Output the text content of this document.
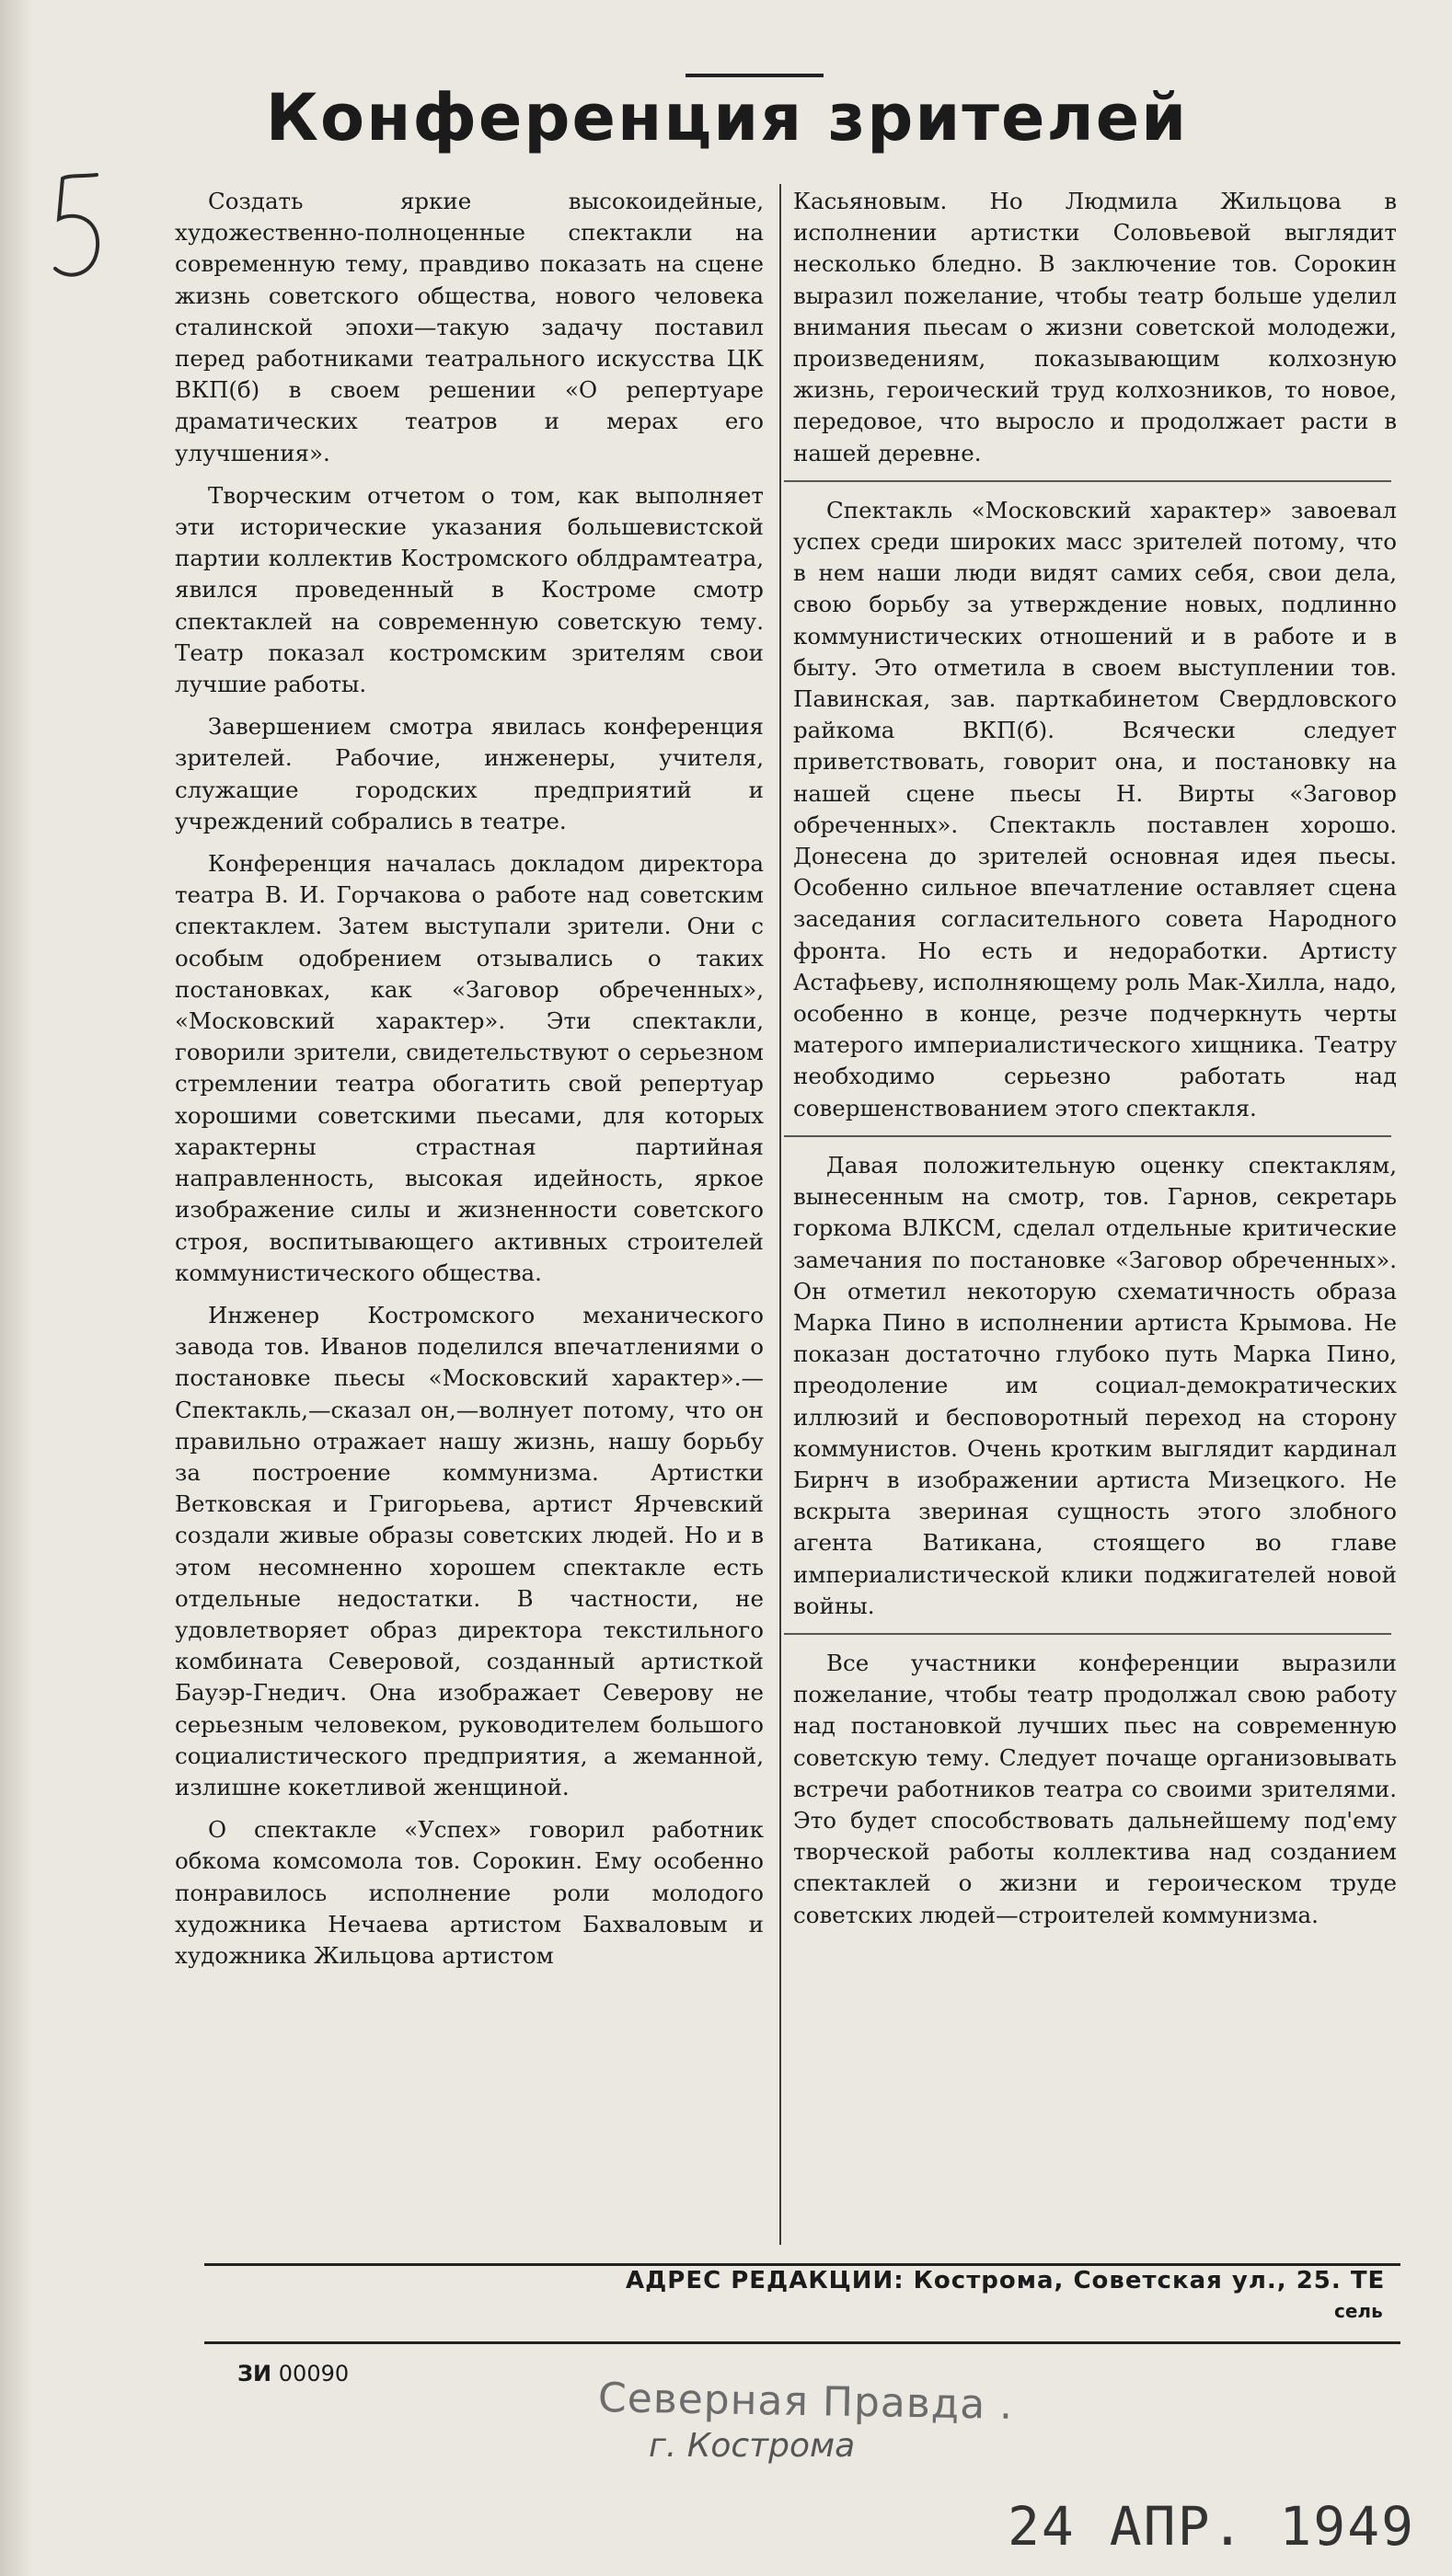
Конференция зрителей

Создать яркие высокоидейные, художественно-полноценные спектакли на современную тему, правдиво показать на сцене жизнь советского общества, нового человека сталинской эпохи—такую задачу поставил перед работниками театрального искусства ЦК ВКП(б) в своем решении «О репертуаре драматических театров и мерах его улучшения».

Творческим отчетом о том, как выполняет эти исторические указания большевистской партии коллектив Костромского облдрамтеатра, явился проведенный в Костроме смотр спектаклей на современную советскую тему. Театр показал костромским зрителям свои лучшие работы.

Завершением смотра явилась конференция зрителей. Рабочие, инженеры, учителя, служащие городских предприятий и учреждений собрались в театре.

Конференция началась докладом директора театра В. И. Горчакова о работе над советским спектаклем. Затем выступали зрители. Они с особым одобрением отзывались о таких постановках, как «Заговор обреченных», «Московский характер». Эти спектакли, говорили зрители, свидетельствуют о серьезном стремлении театра обогатить свой репертуар хорошими советскими пьесами, для которых характерны страстная партийная направленность, высокая идейность, яркое изображение силы и жизненности советского строя, воспитывающего активных строителей коммунистического общества.

Инженер Костромского механического завода тов. Иванов поделился впечатлениями о постановке пьесы «Московский характер».—Спектакль,—сказал он,—волнует потому, что он правильно отражает нашу жизнь, нашу борьбу за построение коммунизма. Артистки Ветковская и Григорьева, артист Ярчевский создали живые образы советских людей. Но и в этом несомненно хорошем спектакле есть отдельные недостатки. В частности, не удовлетворяет образ директора текстильного комбината Северовой, созданный артисткой Бауэр-Гнедич. Она изображает Северову не серьезным человеком, руководителем большого социалистического предприятия, а жеманной, излишне кокетливой женщиной.

О спектакле «Успех» говорил работник обкома комсомола тов. Сорокин. Ему особенно понравилось исполнение роли молодого художника Нечаева артистом Бахваловым и художника Жильцова артистом

Касьяновым. Но Людмила Жильцова в исполнении артистки Соловьевой выглядит несколько бледно. В заключение тов. Сорокин выразил пожелание, чтобы театр больше уделил внимания пьесам о жизни советской молодежи, произведениям, показывающим колхозную жизнь, героический труд колхозников, то новое, передовое, что выросло и продолжает расти в нашей деревне.

Спектакль «Московский характер» завоевал успех среди широких масс зрителей потому, что в нем наши люди видят самих себя, свои дела, свою борьбу за утверждение новых, подлинно коммунистических отношений и в работе и в быту. Это отметила в своем выступлении тов. Павинская, зав. парткабинетом Свердловского райкома ВКП(б). Всячески следует приветствовать, говорит она, и постановку на нашей сцене пьесы Н. Вирты «Заговор обреченных». Спектакль поставлен хорошо. Донесена до зрителей основная идея пьесы. Особенно сильное впечатление оставляет сцена заседания согласительного совета Народного фронта. Но есть и недоработки. Артисту Астафьеву, исполняющему роль Мак-Хилла, надо, особенно в конце, резче подчеркнуть черты матерого империалистического хищника. Театру необходимо серьезно работать над совершенствованием этого спектакля.

Давая положительную оценку спектаклям, вынесенным на смотр, тов. Гарнов, секретарь горкома ВЛКСМ, сделал отдельные критические замечания по постановке «Заговор обреченных». Он отметил некоторую схематичность образа Марка Пино в исполнении артиста Крымова. Не показан достаточно глубоко путь Марка Пино, преодоление им социал-демократических иллюзий и бесповоротный переход на сторону коммунистов. Очень кротким выглядит кардинал Бирнч в изображении артиста Мизецкого. Не вскрыта звериная сущность этого злобного агента Ватикана, стоящего во главе империалистической клики поджигателей новой войны.

Все участники конференции выразили пожелание, чтобы театр продолжал свою работу над постановкой лучших пьес на современную советскую тему. Следует почаще организовывать встречи работников театра со своими зрителями. Это будет способствовать дальнейшему под'ему творческой работы коллектива над созданием спектаклей о жизни и героическом труде советских людей—строителей коммунизма.

АДРЕС РЕДАКЦИИ: Кострома, Советская ул., 25. ТЕ

сель

ЗИ 00090

Северная Правда .

г. Кострома

24 АПР. 1949
